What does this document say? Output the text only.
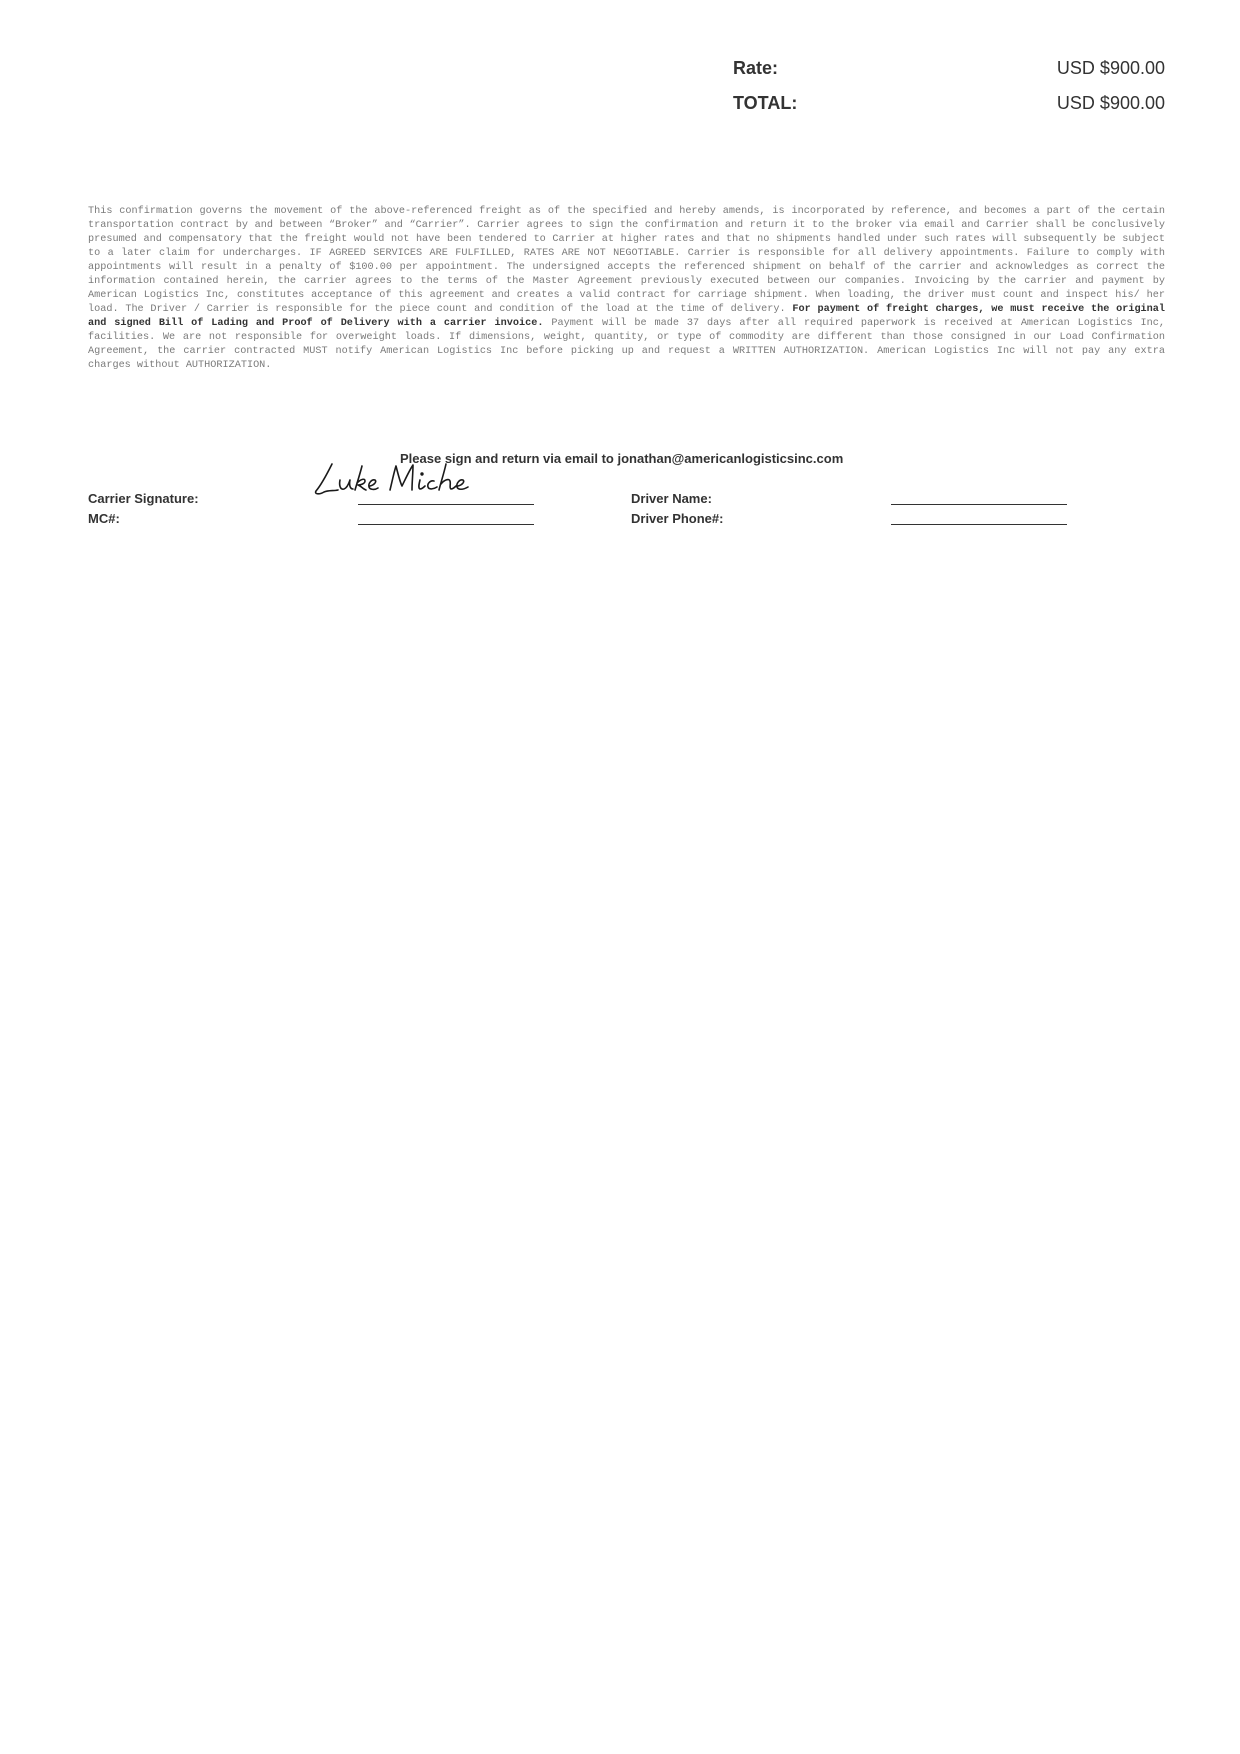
Rate:	USD $900.00
TOTAL:	USD $900.00
This confirmation governs the movement of the above-referenced freight as of the specified and hereby amends, is incorporated by reference, and becomes a part of the certain transportation contract by and between “Broker” and “Carrier”. Carrier agrees to sign the confirmation and return it to the broker via email and Carrier shall be conclusively presumed and compensatory that the freight would not have been tendered to Carrier at higher rates and that no shipments handled under such rates will subsequently be subject to a later claim for undercharges. IF AGREED SERVICES ARE FULFILLED, RATES ARE NOT NEGOTIABLE. Carrier is responsible for all delivery appointments. Failure to comply with appointments will result in a penalty of $100.00 per appointment. The undersigned accepts the referenced shipment on behalf of the carrier and acknowledges as correct the information contained herein, the carrier agrees to the terms of the Master Agreement previously executed between our companies. Invoicing by the carrier and payment by American Logistics Inc, constitutes acceptance of this agreement and creates a valid contract for carriage shipment. When loading, the driver must count and inspect his/ her load. The Driver / Carrier is responsible for the piece count and condition of the load at the time of delivery. For payment of freight charges, we must receive the original and signed Bill of Lading and Proof of Delivery with a carrier invoice. Payment will be made 37 days after all required paperwork is received at American Logistics Inc, facilities. We are not responsible for overweight loads. If dimensions, weight, quantity, or type of commodity are different than those consigned in our Load Confirmation Agreement, the carrier contracted MUST notify American Logistics Inc before picking up and request a WRITTEN AUTHORIZATION. American Logistics Inc will not pay any extra charges without AUTHORIZATION.
Please sign and return via email to jonathan@americanlogisticsinc.com
Carrier Signature:
MC#:
Driver Name:
Driver Phone#:
